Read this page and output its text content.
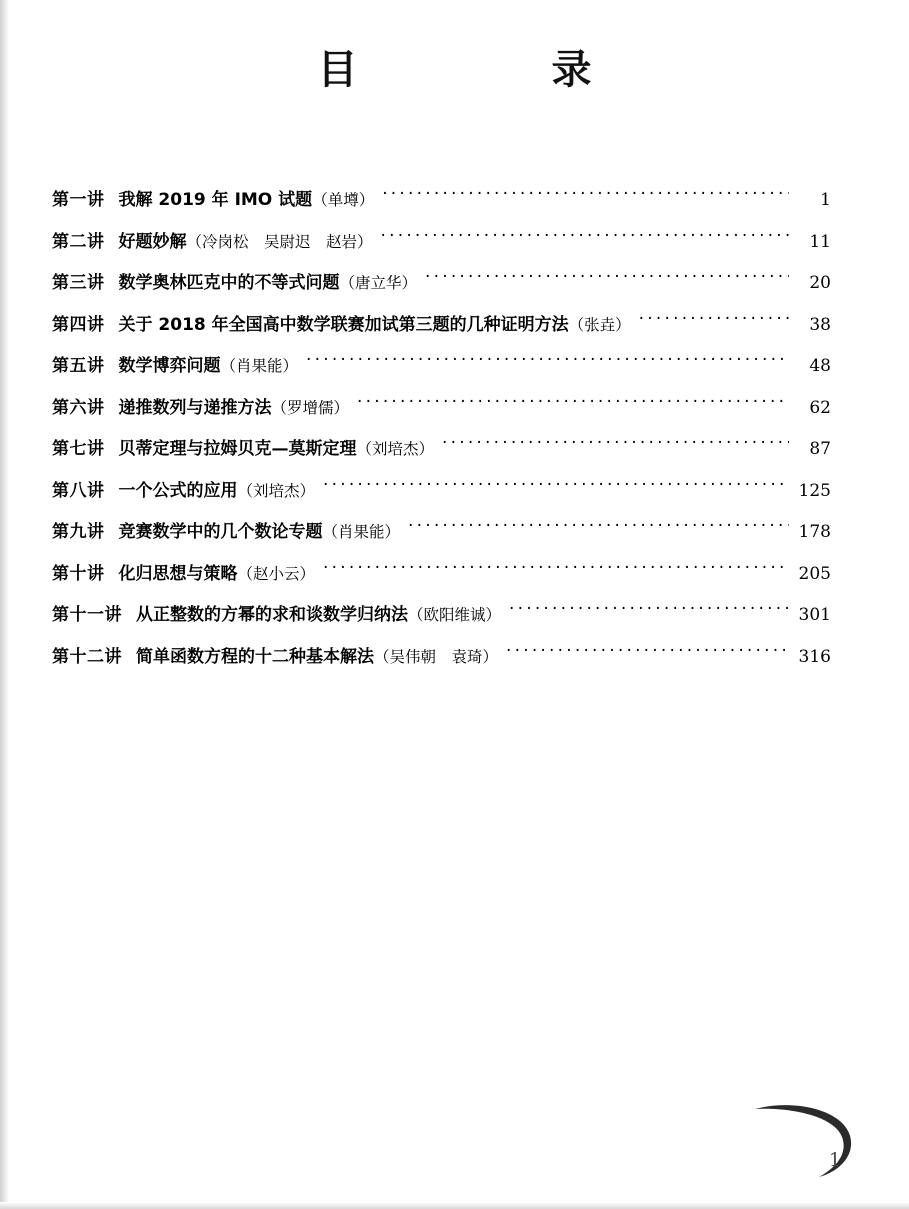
目　　录
第一讲 我解 2019 年 IMO 试题（单墫） ·····	1
第二讲 好题妙解（冷岗松　吴尉迟　赵岩） ·····	11
第三讲 数学奥林匹克中的不等式问题（唐立华） ·····	20
第四讲 关于 2018 年全国高中数学联赛加试第三题的几种证明方法（张垚） ·····	38
第五讲 数学博弈问题（肖果能） ·····	48
第六讲 递推数列与递推方法（罗增儒） ·····	62
第七讲 贝蒂定理与拉姆贝克—莫斯定理（刘培杰） ·····	87
第八讲 一个公式的应用（刘培杰） ·····	125
第九讲 竞赛数学中的几个数论专题（肖果能） ·····	178
第十讲 化归思想与策略（赵小云） ·····	205
第十一讲 从正整数的方幂的求和谈数学归纳法（欧阳维诚） ·····	301
第十二讲 简单函数方程的十二种基本解法（吴伟朝　袁琦） ·····	316
1
